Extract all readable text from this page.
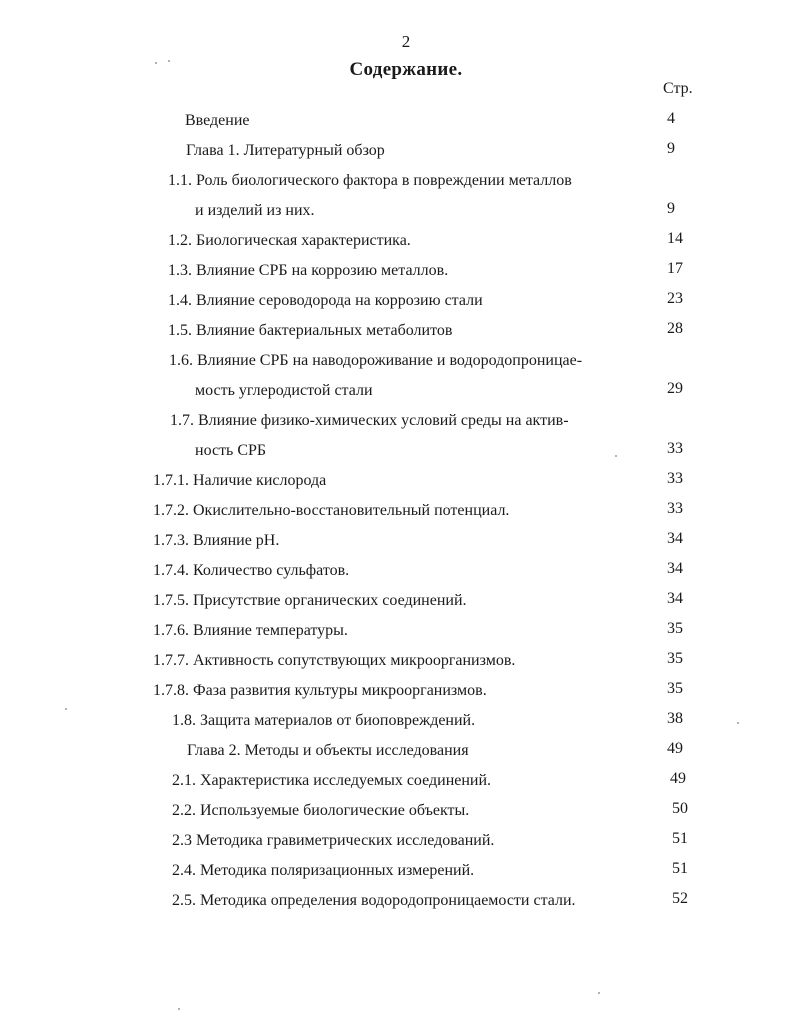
2
Содержание.
Стр.
Введение	4
Глава 1. Литературный обзор	9
1.1. Роль биологического фактора в повреждении металлов
и изделий из них.	9
1.2. Биологическая характеристика.	14
1.3. Влияние СРБ на коррозию металлов.	17
1.4. Влияние сероводорода на коррозию стали	23
1.5. Влияние бактериальных метаболитов	28
1.6. Влияние СРБ на наводороживание и водородопроницае-
мость углеродистой стали	29
1.7. Влияние физико-химических условий среды на актив-
ность СРБ	33
1.7.1. Наличие кислорода	33
1.7.2. Окислительно-восстановительный потенциал.	33
1.7.3. Влияние pH.	34
1.7.4. Количество сульфатов.	34
1.7.5. Присутствие органических соединений.	34
1.7.6. Влияние температуры.	35
1.7.7. Активность сопутствующих микроорганизмов.	35
1.7.8. Фаза развития культуры микроорганизмов.	35
1.8. Защита материалов от биоповреждений.	38
Глава 2. Методы и объекты исследования	49
2.1. Характеристика исследуемых соединений.	49
2.2. Используемые биологические объекты.	50
2.3 Методика гравиметрических исследований.	51
2.4. Методика поляризационных измерений.	51
2.5. Методика определения водородопроницаемости стали.	52
